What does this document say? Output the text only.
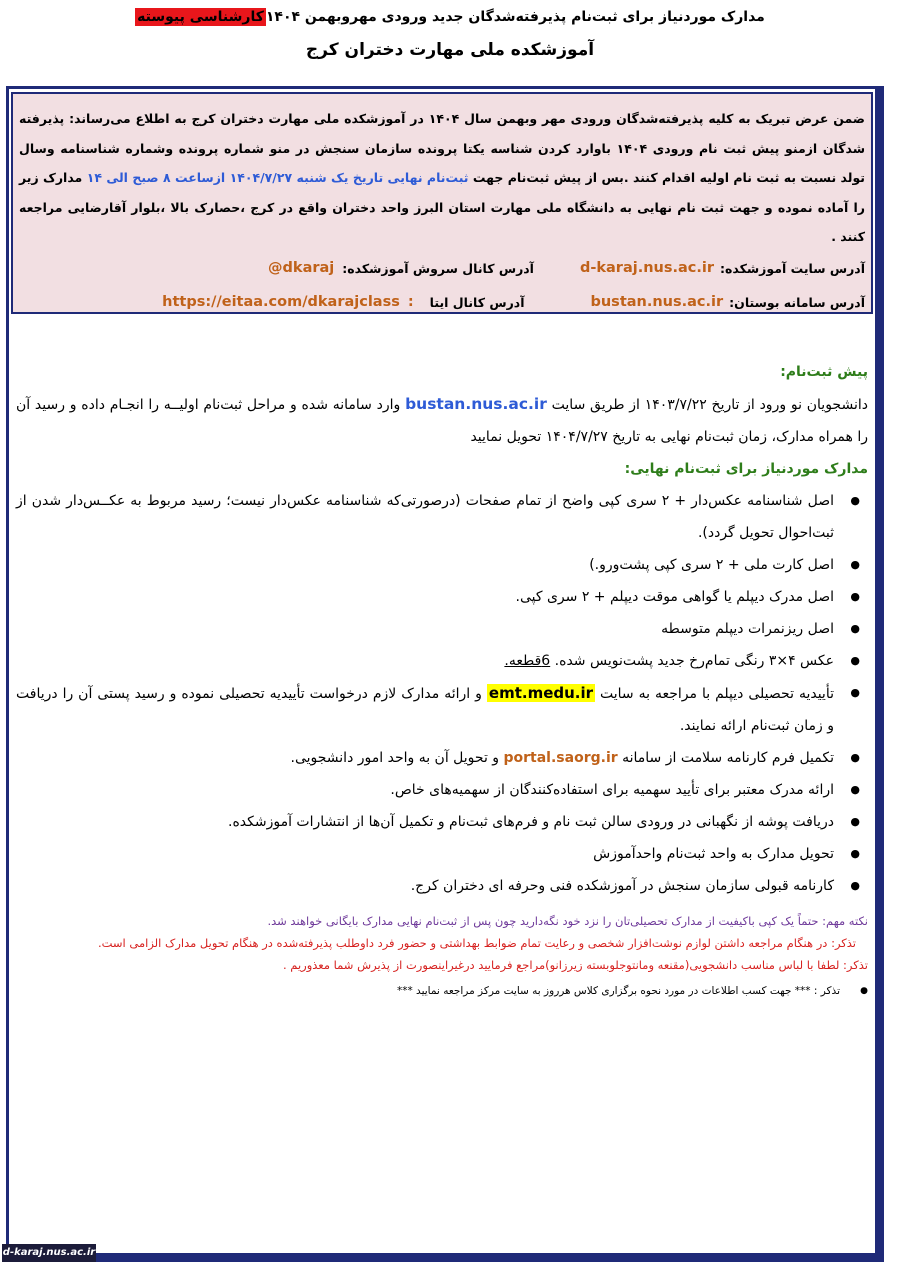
مدارک موردنیاز برای ثبت‌نام پذیرفته‌شدگان جدید ورودی مهروبهمن ۱۴۰۴کارشناسی پیوسته
آموزشکده ملی مهارت دختران کرج
ضمن عرض تبریک به کلیه پذیرفته‌شدگان ورودی مهر وبهمن سال ۱۴۰۴ در آموزشکده ملی مهارت دختران کرج به اطلاع می‌رساند: پذیرفته شدگان ازمنو پیش ثبت نام ورودی ۱۴۰۴ باوارد کردن شناسه یکتا پرونده سازمان سنجش در منو شماره پرونده وشماره شناسنامه وسال تولد نسبت به ثبت نام اولیه اقدام کنند .بس از پیش ثبت‌نام جهت ثبت‌نام نهایی تاریخ یک شنبه ۱۴۰۴/۷/۲۷ ازساعت ۸ صبح الی ۱۴ مدارک زیر را آماده نموده و جهت ثبت نام نهایی به دانشگاه ملی مهارت استان البرز واحد دختران واقع در کرج ،حصارک بالا ،بلوار آقارضایی مراجعه کنند .
آدرس سایت آموزشکده:
d-karaj.nus.ac.ir
آدرس کانال سروش آموزشکده:
@dkaraj
آدرس سامانه بوستان:
bustan.nus.ac.ir
آدرس کانال ایتا
:
https://eitaa.com/dkarajclass
پیش ثبت‌نام:
دانشجویان نو ورود از تاریخ ۱۴۰۳/۷/۲۲ از طریق سایت bustan.nus.ac.ir وارد سامانه شده و مراحل ثبت‌نام اولیــه را انجـام داده و رسید آن را همراه مدارک، زمان ثبت‌نام نهایی به تاریخ ۱۴۰۴/۷/۲۷ تحویل نمایید
مدارک موردنیاز برای ثبت‌نام نهایی:
● اصل شناسنامه عکس‌دار + ۲ سری کپی واضح از تمام صفحات (درصورتی‌که شناسنامه عکس‌دار نیست؛ رسید مربوط به عکــس‌دار شدن از ثبت‌احوال تحویل گردد).
● اصل کارت ملی + ۲ سری کپی پشت‌ورو.)
● اصل مدرک دیپلم یا گواهی موقت دیپلم + ۲ سری کپی.
● اصل ریزنمرات دیپلم متوسطه
● عکس ۴×۳ رنگی تمام‌رخ جدید پشت‌نویس شده. 6قطعه.
● تأییدیه تحصیلی دیپلم با مراجعه به سایت emt.medu.ir و ارائه مدارک لازم درخواست تأییدیه تحصیلی نموده و رسید پستی آن را دریافت و زمان ثبت‌نام ارائه نمایند.
● تکمیل فرم کارنامه سلامت از سامانه portal.saorg.ir و تحویل آن به واحد امور دانشجویی.
● ارائه مدرک معتبر برای تأیید سهمیه برای استفاده‌کنندگان از سهمیه‌های خاص.
● دریافت پوشه از نگهبانی در ورودی سالن ثبت نام و فرم‌های ثبت‌نام و تکمیل آن‌ها از انتشارات آموزشکده.
● تحویل مدارک به واحد ثبت‌نام واحدآموزش
● کارنامه قبولی سازمان سنجش در آموزشکده فنی وحرفه ای دختران کرج.
نکته مهم: حتماً یک کپی باکیفیت از مدارک تحصیلی‌تان را نزد خود نگه‌دارید چون پس از ثبت‌نام نهایی مدارک بایگانی خواهند شد.
تذکر: در هنگام مراجعه داشتن لوازم نوشت‌افزار شخصی و رعایت تمام ضوابط بهداشتی و حضور فرد داوطلب پذیرفته‌شده در هنگام تحویل مدارک الزامی است.
تذکر: لطفا با لباس مناسب دانشجویی(مقنعه ومانتوجلوبسته زیرزانو)مراجع فرمایید درغیراینصورت از پذیرش شما معذوریم .
● تذکر : *** جهت کسب اطلاعات در مورد نحوه برگزاری کلاس هرروز به سایت مرکز مراجعه نمایید ***
d-karaj.nus.ac.ir
